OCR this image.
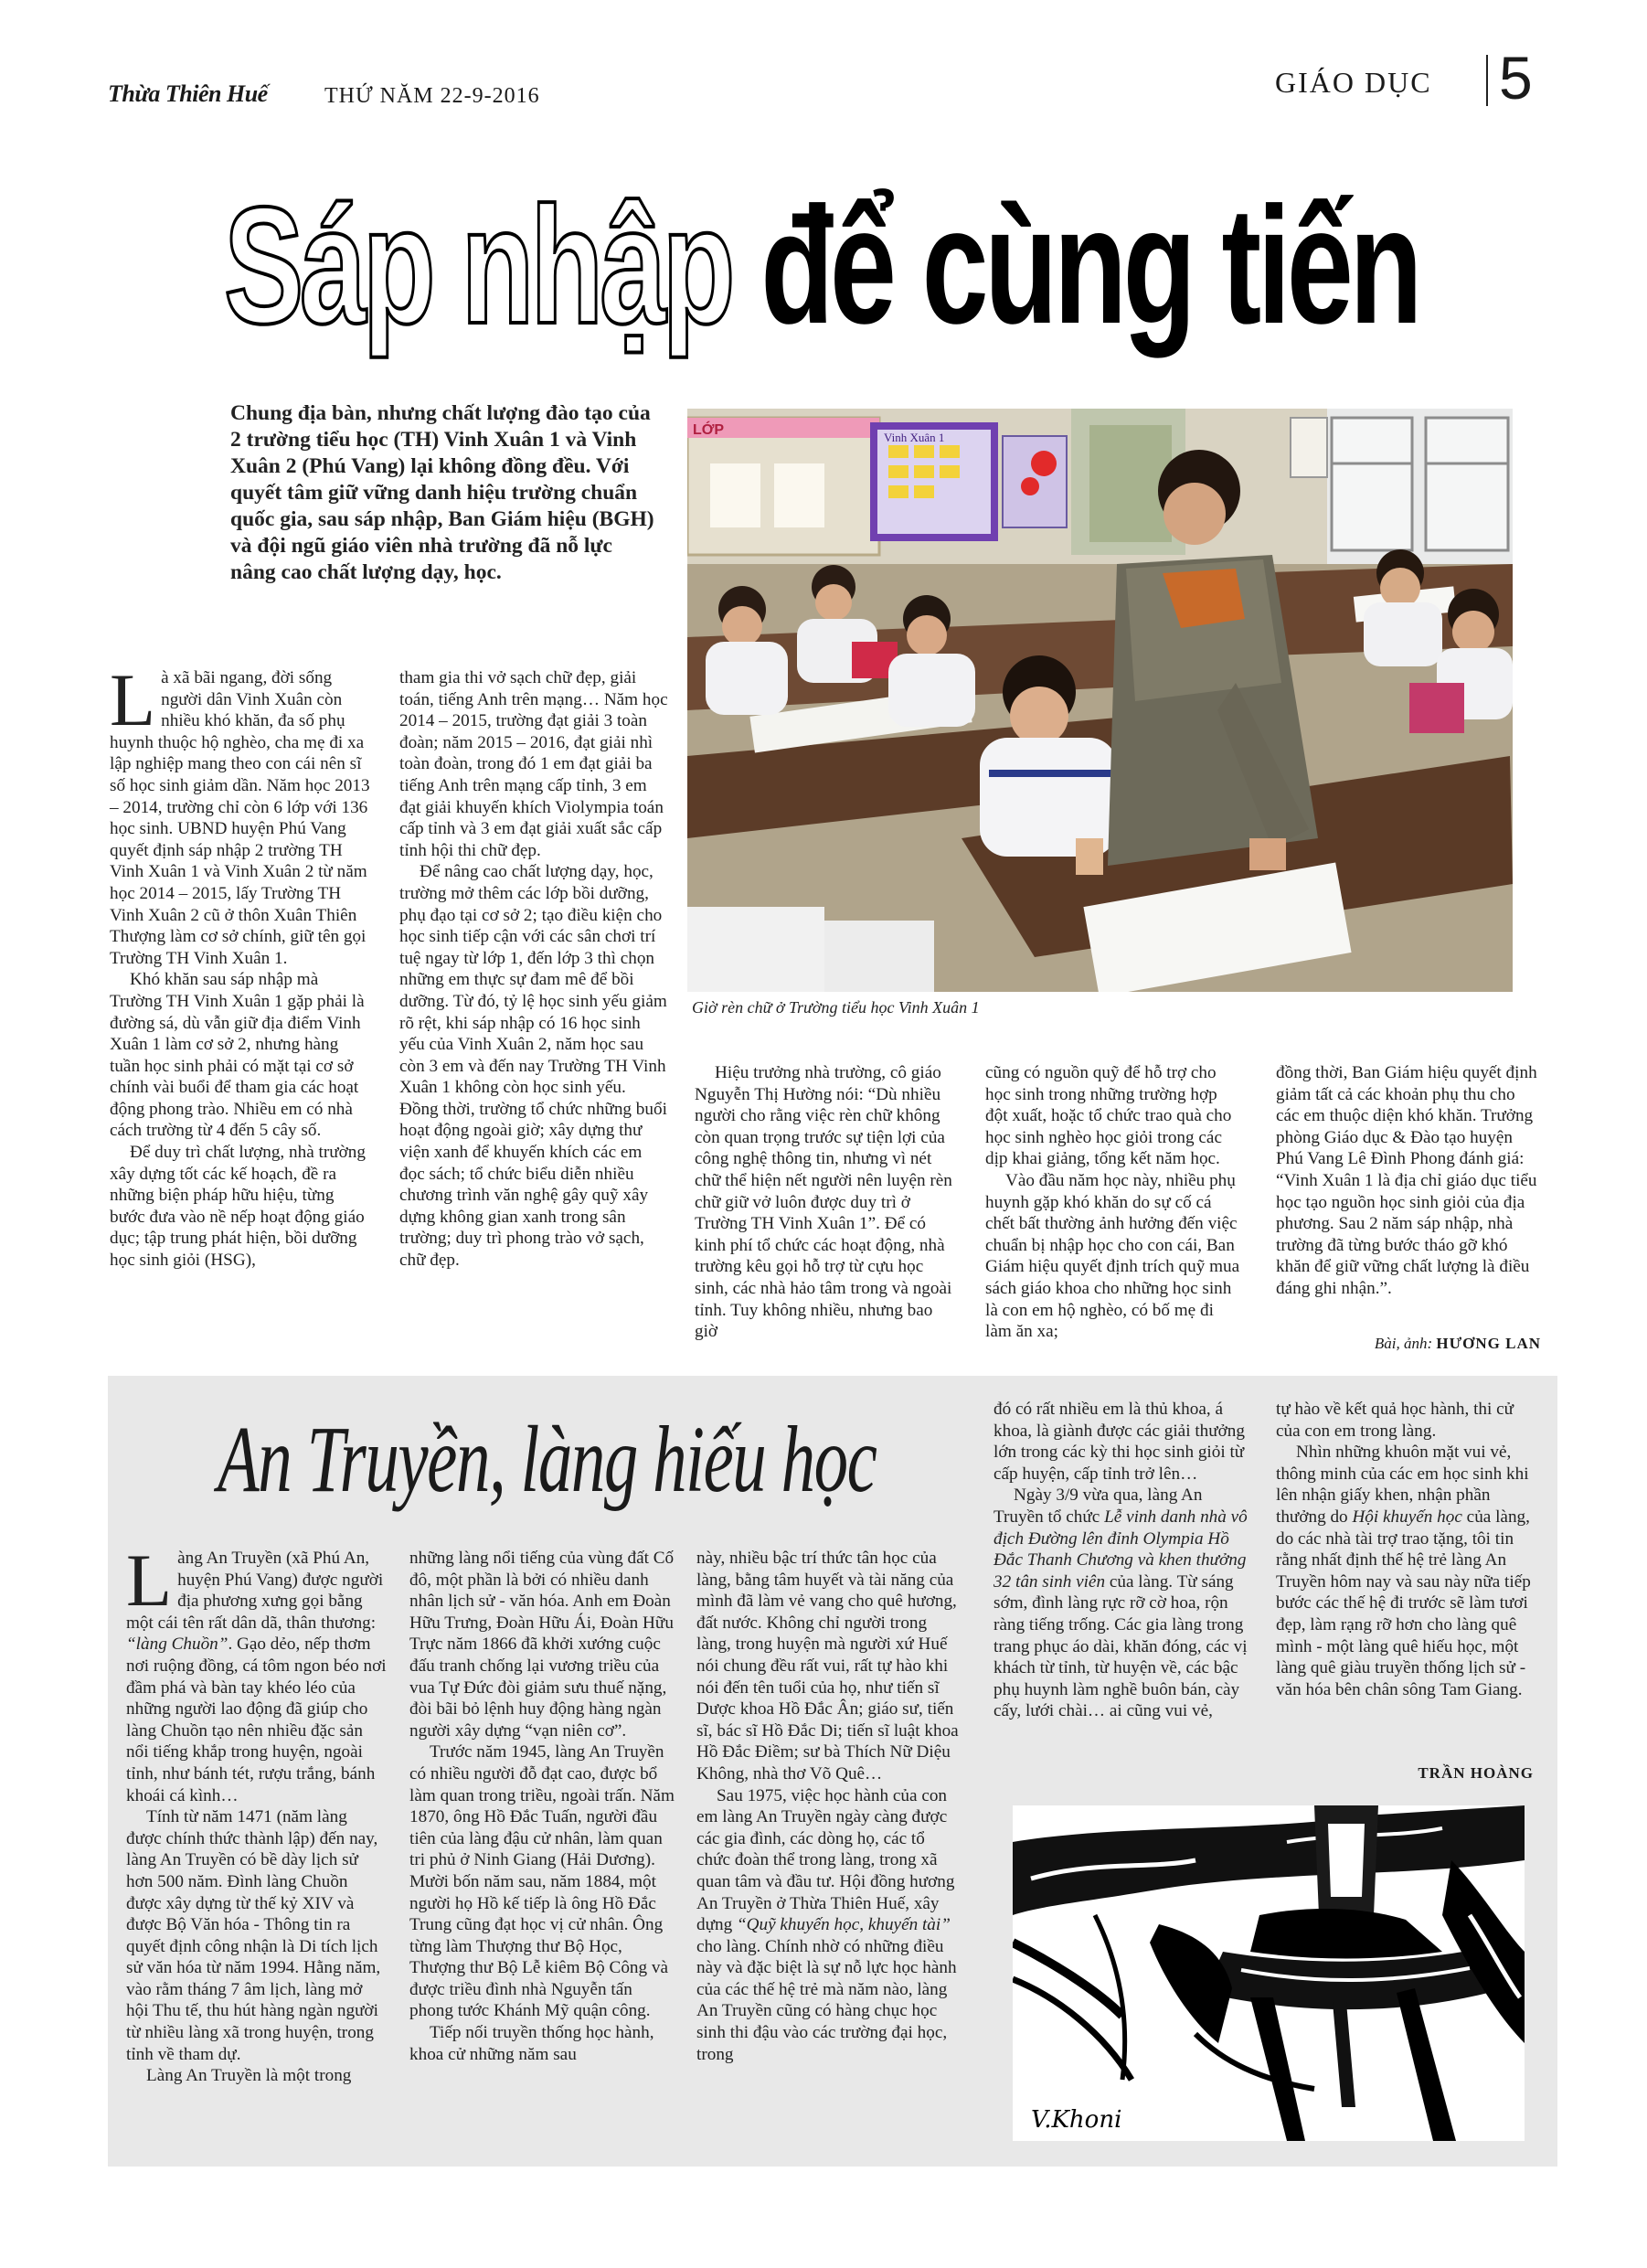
Thừa Thiên Huế	THỨ NĂM 22-9-2016	GIÁO DỤC 5
Sáp nhập để cùng tiến
Chung địa bàn, nhưng chất lượng đào tạo của 2 trường tiểu học (TH) Vinh Xuân 1 và Vinh Xuân 2 (Phú Vang) lại không đồng đều. Với quyết tâm giữ vững danh hiệu trường chuẩn quốc gia, sau sáp nhập, Ban Giám hiệu (BGH) và đội ngũ giáo viên nhà trường đã nỗ lực nâng cao chất lượng dạy, học.
LỚP	Vinh Xuân 1
Giờ rèn chữ ở Trường tiểu học Vinh Xuân 1
L à xã bãi ngang, đời sống người dân Vinh Xuân còn nhiều khó khăn, đa số phụ huynh thuộc hộ nghèo, cha mẹ đi xa lập nghiệp mang theo con cái nên sĩ số học sinh giảm dần. Năm học 2013 – 2014, trường chỉ còn 6 lớp với 136 học sinh. UBND huyện Phú Vang quyết định sáp nhập 2 trường TH Vinh Xuân 1 và Vinh Xuân 2 từ năm học 2014 – 2015, lấy Trường TH Vinh Xuân 2 cũ ở thôn Xuân Thiên Thượng làm cơ sở chính, giữ tên gọi Trường TH Vinh Xuân 1.

Khó khăn sau sáp nhập mà Trường TH Vinh Xuân 1 gặp phải là đường sá, dù vẫn giữ địa điểm Vinh Xuân 1 làm cơ sở 2, nhưng hàng tuần học sinh phải có mặt tại cơ sở chính vài buổi để tham gia các hoạt động phong trào. Nhiều em có nhà cách trường từ 4 đến 5 cây số.

Để duy trì chất lượng, nhà trường xây dựng tốt các kế hoạch, đề ra những biện pháp hữu hiệu, từng bước đưa vào nề nếp hoạt động giáo dục; tập trung phát hiện, bồi dưỡng học sinh giỏi (HSG),

tham gia thi vở sạch chữ đẹp, giải toán, tiếng Anh trên mạng… Năm học 2014 – 2015, trường đạt giải 3 toàn đoàn; năm 2015 – 2016, đạt giải nhì toàn đoàn, trong đó 1 em đạt giải ba tiếng Anh trên mạng cấp tỉnh, 3 em đạt giải khuyến khích Violympia toán cấp tỉnh và 3 em đạt giải xuất sắc cấp tỉnh hội thi chữ đẹp.

Để nâng cao chất lượng dạy, học, trường mở thêm các lớp bồi dưỡng, phụ đạo tại cơ sở 2; tạo điều kiện cho học sinh tiếp cận với các sân chơi trí tuệ ngay từ lớp 1, đến lớp 3 thì chọn những em thực sự đam mê để bồi dưỡng. Từ đó, tỷ lệ học sinh yếu giảm rõ rệt, khi sáp nhập có 16 học sinh yếu của Vinh Xuân 2, năm học sau còn 3 em và đến nay Trường TH Vinh Xuân 1 không còn học sinh yếu. Đồng thời, trường tổ chức những buổi hoạt động ngoài giờ; xây dựng thư viện xanh để khuyến khích các em đọc sách; tổ chức biểu diễn nhiều chương trình văn nghệ gây quỹ xây dựng không gian xanh trong sân trường; duy trì phong trào vở sạch, chữ đẹp.

Hiệu trưởng nhà trường, cô giáo Nguyễn Thị Hường nói: “Dù nhiều người cho rằng việc rèn chữ không còn quan trọng trước sự tiện lợi của công nghệ thông tin, nhưng vì nét chữ thể hiện nết người nên luyện rèn chữ giữ vở luôn được duy trì ở Trường TH Vinh Xuân 1”. Để có kinh phí tổ chức các hoạt động, nhà trường kêu gọi hỗ trợ từ cựu học sinh, các nhà hảo tâm trong và ngoài tỉnh. Tuy không nhiều, nhưng bao giờ

cũng có nguồn quỹ để hỗ trợ cho học sinh trong những trường hợp đột xuất, hoặc tổ chức trao quà cho học sinh nghèo học giỏi trong các dịp khai giảng, tổng kết năm học.

Vào đầu năm học này, nhiều phụ huynh gặp khó khăn do sự cố cá chết bất thường ảnh hưởng đến việc chuẩn bị nhập học cho con cái, Ban Giám hiệu quyết định trích quỹ mua sách giáo khoa cho những học sinh là con em hộ nghèo, có bố mẹ đi làm ăn xa;

đồng thời, Ban Giám hiệu quyết định giảm tất cả các khoản phụ thu cho các em thuộc diện khó khăn. Trưởng phòng Giáo dục & Đào tạo huyện Phú Vang Lê Đình Phong đánh giá: “Vinh Xuân 1 là địa chỉ giáo dục tiểu học tạo nguồn học sinh giỏi của địa phương. Sau 2 năm sáp nhập, nhà trường đã từng bước tháo gỡ khó khăn để giữ vững chất lượng là điều đáng ghi nhận.”.

Bài, ảnh: HƯƠNG LAN
An Truyền, làng hiếu học
L àng An Truyền (xã Phú An, huyện Phú Vang) được người địa phương xưng gọi bằng một cái tên rất dân dã, thân thương: “làng Chuồn”. Gạo dẻo, nếp thơm nơi ruộng đồng, cá tôm ngon béo nơi đầm phá và bàn tay khéo léo của những người lao động đã giúp cho làng Chuồn tạo nên nhiều đặc sản nổi tiếng khắp trong huyện, ngoài tỉnh, như bánh tét, rượu trắng, bánh khoái cá kình…

Tính từ năm 1471 (năm làng được chính thức thành lập) đến nay, làng An Truyền có bề dày lịch sử hơn 500 năm. Đình làng Chuồn được xây dựng từ thế kỷ XIV và được Bộ Văn hóa - Thông tin ra quyết định công nhận là Di tích lịch sử văn hóa từ năm 1994. Hằng năm, vào rằm tháng 7 âm lịch, làng mở hội Thu tế, thu hút hàng ngàn người từ nhiều làng xã trong huyện, trong tỉnh về tham dự.

Làng An Truyền là một trong

những làng nổi tiếng của vùng đất Cố đô, một phần là bởi có nhiều danh nhân lịch sử - văn hóa. Anh em Đoàn Hữu Trưng, Đoàn Hữu Ái, Đoàn Hữu Trực năm 1866 đã khởi xướng cuộc đấu tranh chống lại vương triều của vua Tự Đức đòi giảm sưu thuế nặng, đòi bãi bỏ lệnh huy động hàng ngàn người xây dựng “vạn niên cơ”.

Trước năm 1945, làng An Truyền có nhiều người đỗ đạt cao, được bổ làm quan trong triều, ngoài trấn. Năm 1870, ông Hồ Đắc Tuấn, người đầu tiên của làng đậu cử nhân, làm quan tri phủ ở Ninh Giang (Hải Dương). Mười bốn năm sau, năm 1884, một người họ Hồ kế tiếp là ông Hồ Đắc Trung cũng đạt học vị cử nhân. Ông từng làm Thượng thư Bộ Học, Thượng thư Bộ Lễ kiêm Bộ Công và được triều đình nhà Nguyễn tấn phong tước Khánh Mỹ quận công.

Tiếp nối truyền thống học hành, khoa cử những năm sau

này, nhiều bậc trí thức tân học của làng, bằng tâm huyết và tài năng của mình đã làm vẻ vang cho quê hương, đất nước. Không chỉ người trong làng, trong huyện mà người xứ Huế nói chung đều rất vui, rất tự hào khi nói đến tên tuổi của họ, như tiến sĩ Dược khoa Hồ Đắc Ân; giáo sư, tiến sĩ, bác sĩ Hồ Đắc Di; tiến sĩ luật khoa Hồ Đắc Điềm; sư bà Thích Nữ Diệu Không, nhà thơ Võ Quê…

Sau 1975, việc học hành của con em làng An Truyền ngày càng được các gia đình, các dòng họ, các tổ chức đoàn thể trong làng, trong xã quan tâm và đầu tư. Hội đồng hương An Truyền ở Thừa Thiên Huế, xây dựng “Quỹ khuyến học, khuyến tài” cho làng. Chính nhờ có những điều này và đặc biệt là sự nỗ lực học hành của các thế hệ trẻ mà năm nào, làng An Truyền cũng có hàng chục học sinh thi đậu vào các trường đại học, trong

đó có rất nhiều em là thủ khoa, á khoa, là giành được các giải thưởng lớn trong các kỳ thi học sinh giỏi từ cấp huyện, cấp tỉnh trở lên…

Ngày 3/9 vừa qua, làng An Truyền tổ chức Lễ vinh danh nhà vô địch Đường lên đỉnh Olympia Hồ Đắc Thanh Chương và khen thưởng 32 tân sinh viên của làng. Từ sáng sớm, đình làng rực rỡ cờ hoa, rộn ràng tiếng trống. Các gia làng trong trang phục áo dài, khăn đóng, các vị khách từ tỉnh, từ huyện về, các bậc phụ huynh làm nghề buôn bán, cày cấy, lưới chài… ai cũng vui vẻ,

tự hào về kết quả học hành, thi cử của con em trong làng.

Nhìn những khuôn mặt vui vẻ, thông minh của các em học sinh khi lên nhận giấy khen, nhận phần thưởng do Hội khuyến học của làng, do các nhà tài trợ trao tặng, tôi tin rằng nhất định thế hệ trẻ làng An Truyền hôm nay và sau này nữa tiếp bước các thế hệ đi trước sẽ làm tươi đẹp, làm rạng rỡ hơn cho làng quê mình - một làng quê hiếu học, một làng quê giàu truyền thống lịch sử - văn hóa bên chân sông Tam Giang.

TRẦN HOÀNG
V.Khoni
